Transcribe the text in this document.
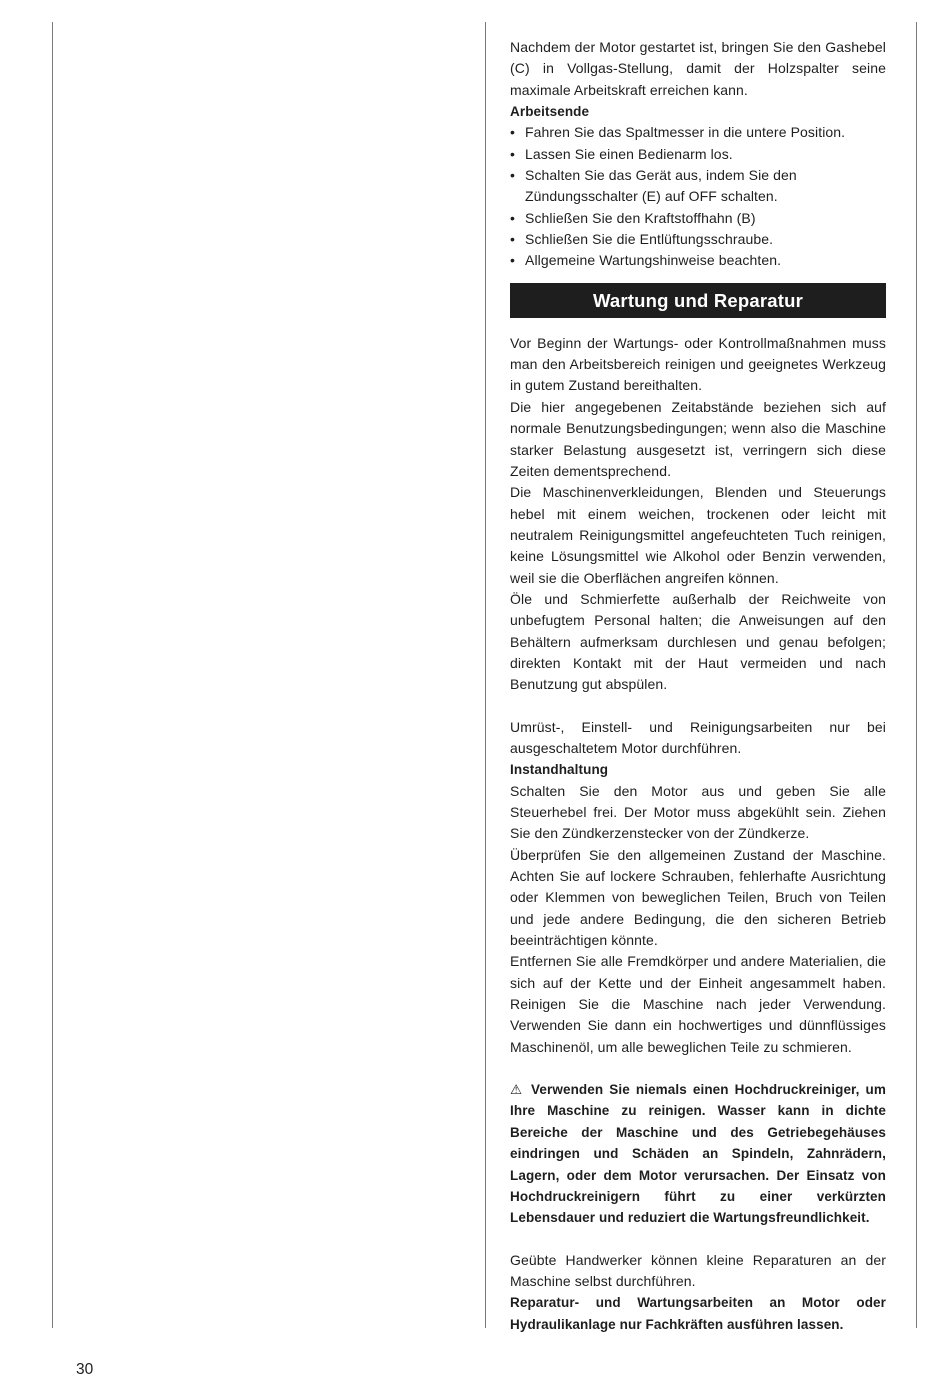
Nachdem der Motor gestartet ist, bringen Sie den Gashebel (C) in Vollgas-Stellung, damit der Holzspalter seine maximale Arbeitskraft erreichen kann.

Arbeitsende

• Fahren Sie das Spaltmesser in die untere Position.
• Lassen Sie einen Bedienarm los.
• Schalten Sie das Gerät aus, indem Sie den Zündungsschalter (E) auf OFF schalten.
• Schließen Sie den Kraftstoffhahn (B)
• Schließen Sie die Entlüftungsschraube.
• Allgemeine Wartungshinweise beachten.
Wartung und Reparatur

Vor Beginn der Wartungs- oder Kontrollmaßnahmen muss man den Arbeitsbereich reinigen und geeignetes Werkzeug in gutem Zustand bereithalten.

Die hier angegebenen Zeitabstände beziehen sich auf normale Benutzungsbedingungen; wenn also die Maschine starker Belastung ausgesetzt ist, verringern sich diese Zeiten dementsprechend.

Die Maschinenverkleidungen, Blenden und Steuerungs hebel mit einem weichen, trockenen oder leicht mit neutralem Reinigungsmittel angefeuchteten Tuch reinigen, keine Lösungsmittel wie Alkohol oder Benzin verwenden, weil sie die Oberflächen angreifen können.

Öle und Schmierfette außerhalb der Reichweite von unbefugtem Personal halten; die Anweisungen auf den Behältern aufmerksam durchlesen und genau befolgen; direkten Kontakt mit der Haut vermeiden und nach Benutzung gut abspülen.

Umrüst-, Einstell- und Reinigungsarbeiten nur bei ausgeschaltetem Motor durchführen.

Instandhaltung

Schalten Sie den Motor aus und geben Sie alle Steuerhebel frei. Der Motor muss abgekühlt sein. Ziehen Sie den Zündkerzenstecker von der Zündkerze.

Überprüfen Sie den allgemeinen Zustand der Maschine. Achten Sie auf lockere Schrauben, fehlerhafte Ausrichtung oder Klemmen von beweglichen Teilen, Bruch von Teilen und jede andere Bedingung, die den sicheren Betrieb beeinträchtigen könnte.

Entfernen Sie alle Fremdkörper und andere Materialien, die sich auf der Kette und der Einheit angesammelt haben. Reinigen Sie die Maschine nach jeder Verwendung. Verwenden Sie dann ein hochwertiges und dünnflüssiges Maschinenöl, um alle beweglichen Teile zu schmieren.

⚠ Verwenden Sie niemals einen Hochdruckreiniger, um Ihre Maschine zu reinigen. Wasser kann in dichte Bereiche der Maschine und des Getriebegehäuses eindringen und Schäden an Spindeln, Zahnrädern, Lagern, oder dem Motor verursachen. Der Einsatz von Hochdruckreinigern führt zu einer verkürzten Lebensdauer und reduziert die Wartungsfreundlichkeit.

Geübte Handwerker können kleine Reparaturen an der Maschine selbst durchführen.

Reparatur- und Wartungsarbeiten an Motor oder Hydraulikanlage nur Fachkräften ausführen lassen.

30
